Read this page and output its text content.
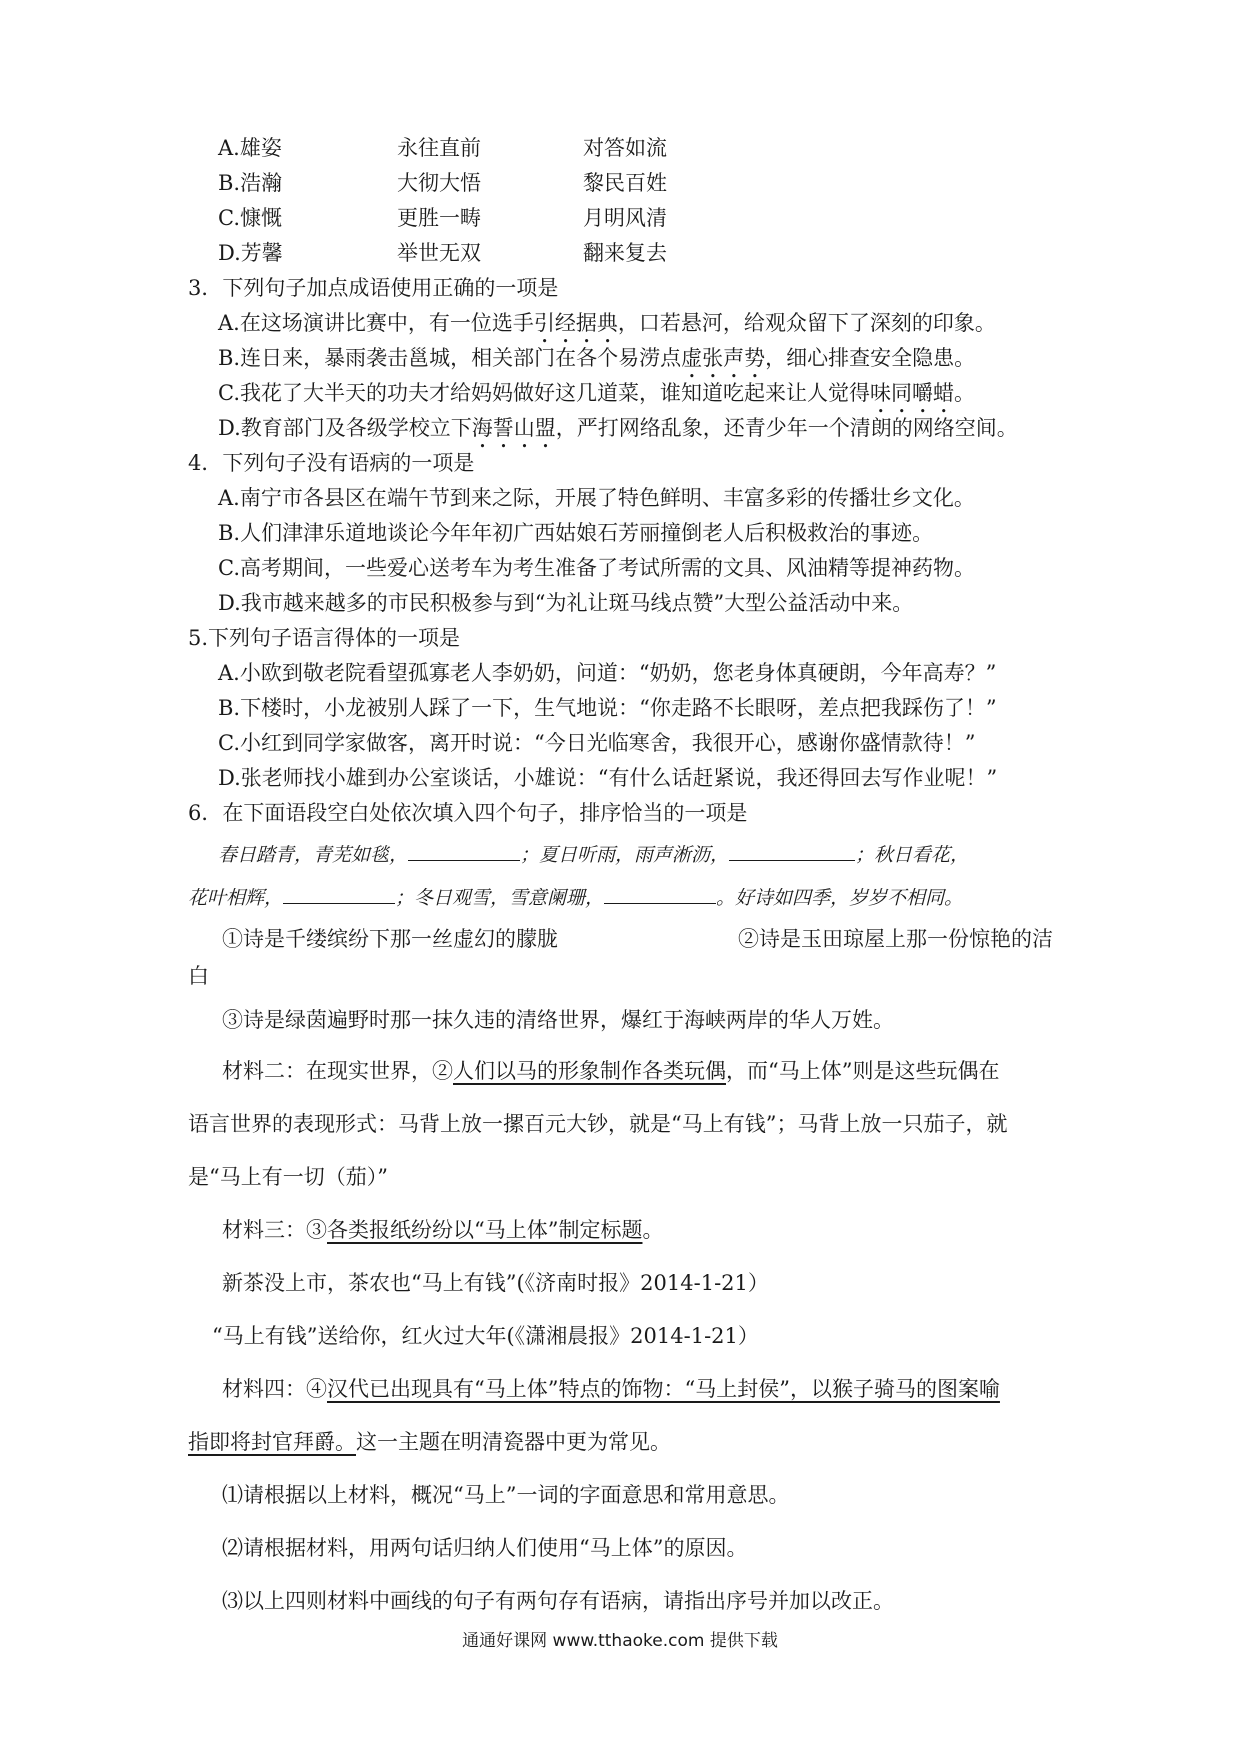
A.雄姿	永往直前	对答如流
B.浩瀚	大彻大悟	黎民百姓
C.慷慨	更胜一畴	月明风清
D.芳馨	举世无双	翻来复去
3．下列句子加点成语使用正确的一项是
A.在这场演讲比赛中，有一位选手引经据典，口若悬河，给观众留下了深刻的印象。
B.连日来，暴雨袭击邕城，相关部门在各个易涝点虚张声势，细心排查安全隐患。
C.我花了大半天的功夫才给妈妈做好这几道菜，谁知道吃起来让人觉得味同嚼蜡。
D.教育部门及各级学校立下海誓山盟，严打网络乱象，还青少年一个清朗的网络空间。
4．下列句子没有语病的一项是
A.南宁市各县区在端午节到来之际，开展了特色鲜明、丰富多彩的传播壮乡文化。
B.人们津津乐道地谈论今年年初广西姑娘石芳丽撞倒老人后积极救治的事迹。
C.高考期间，一些爱心送考车为考生准备了考试所需的文具、风油精等提神药物。
D.我市越来越多的市民积极参与到“为礼让斑马线点赞”大型公益活动中来。
5.下列句子语言得体的一项是
A.小欧到敬老院看望孤寡老人李奶奶，问道：“奶奶，您老身体真硬朗，今年高寿？”
B.下楼时，小龙被别人踩了一下，生气地说：“你走路不长眼呀，差点把我踩伤了！”
C.小红到同学家做客，离开时说：“今日光临寒舍，我很开心，感谢你盛情款待！”
D.张老师找小雄到办公室谈话，小雄说：“有什么话赶紧说，我还得回去写作业呢！”
6．在下面语段空白处依次填入四个句子，排序恰当的一项是
春日踏青，青芜如毯，	；夏日听雨，雨声淅沥，	；秋日看花，
花叶相辉，	；冬日观雪，雪意阑珊，	。好诗如四季，岁岁不相同。
①诗是千缕缤纷下那一丝虚幻的朦胧	②诗是玉田琼屋上那一份惊艳的洁
白
③诗是绿茵遍野时那一抹久违的清络世界，爆红于海峡两岸的华人万姓。
材料二：在现实世界，②人们以马的形象制作各类玩偶，而“马上体”则是这些玩偶在
语言世界的表现形式：马背上放一摞百元大钞，就是“马上有钱”；马背上放一只茄子，就
是“马上有一切（茄）”
材料三：③各类报纸纷纷以“马上体”制定标题。
新茶没上市，茶农也“马上有钱”(《济南时报》2014-1-21）
“马上有钱”送给你，红火过大年(《潇湘晨报》2014-1-21）
材料四：④汉代已出现具有“马上体”特点的饰物：“马上封侯”，以猴子骑马的图案喻
指即将封官拜爵。这一主题在明清瓷器中更为常见。
⑴请根据以上材料，概况“马上”一词的字面意思和常用意思。
⑵请根据材料，用两句话归纳人们使用“马上体”的原因。
⑶以上四则材料中画线的句子有两句存有语病，请指出序号并加以改正。
通通好课网 www.tthaoke.com 提供下载
